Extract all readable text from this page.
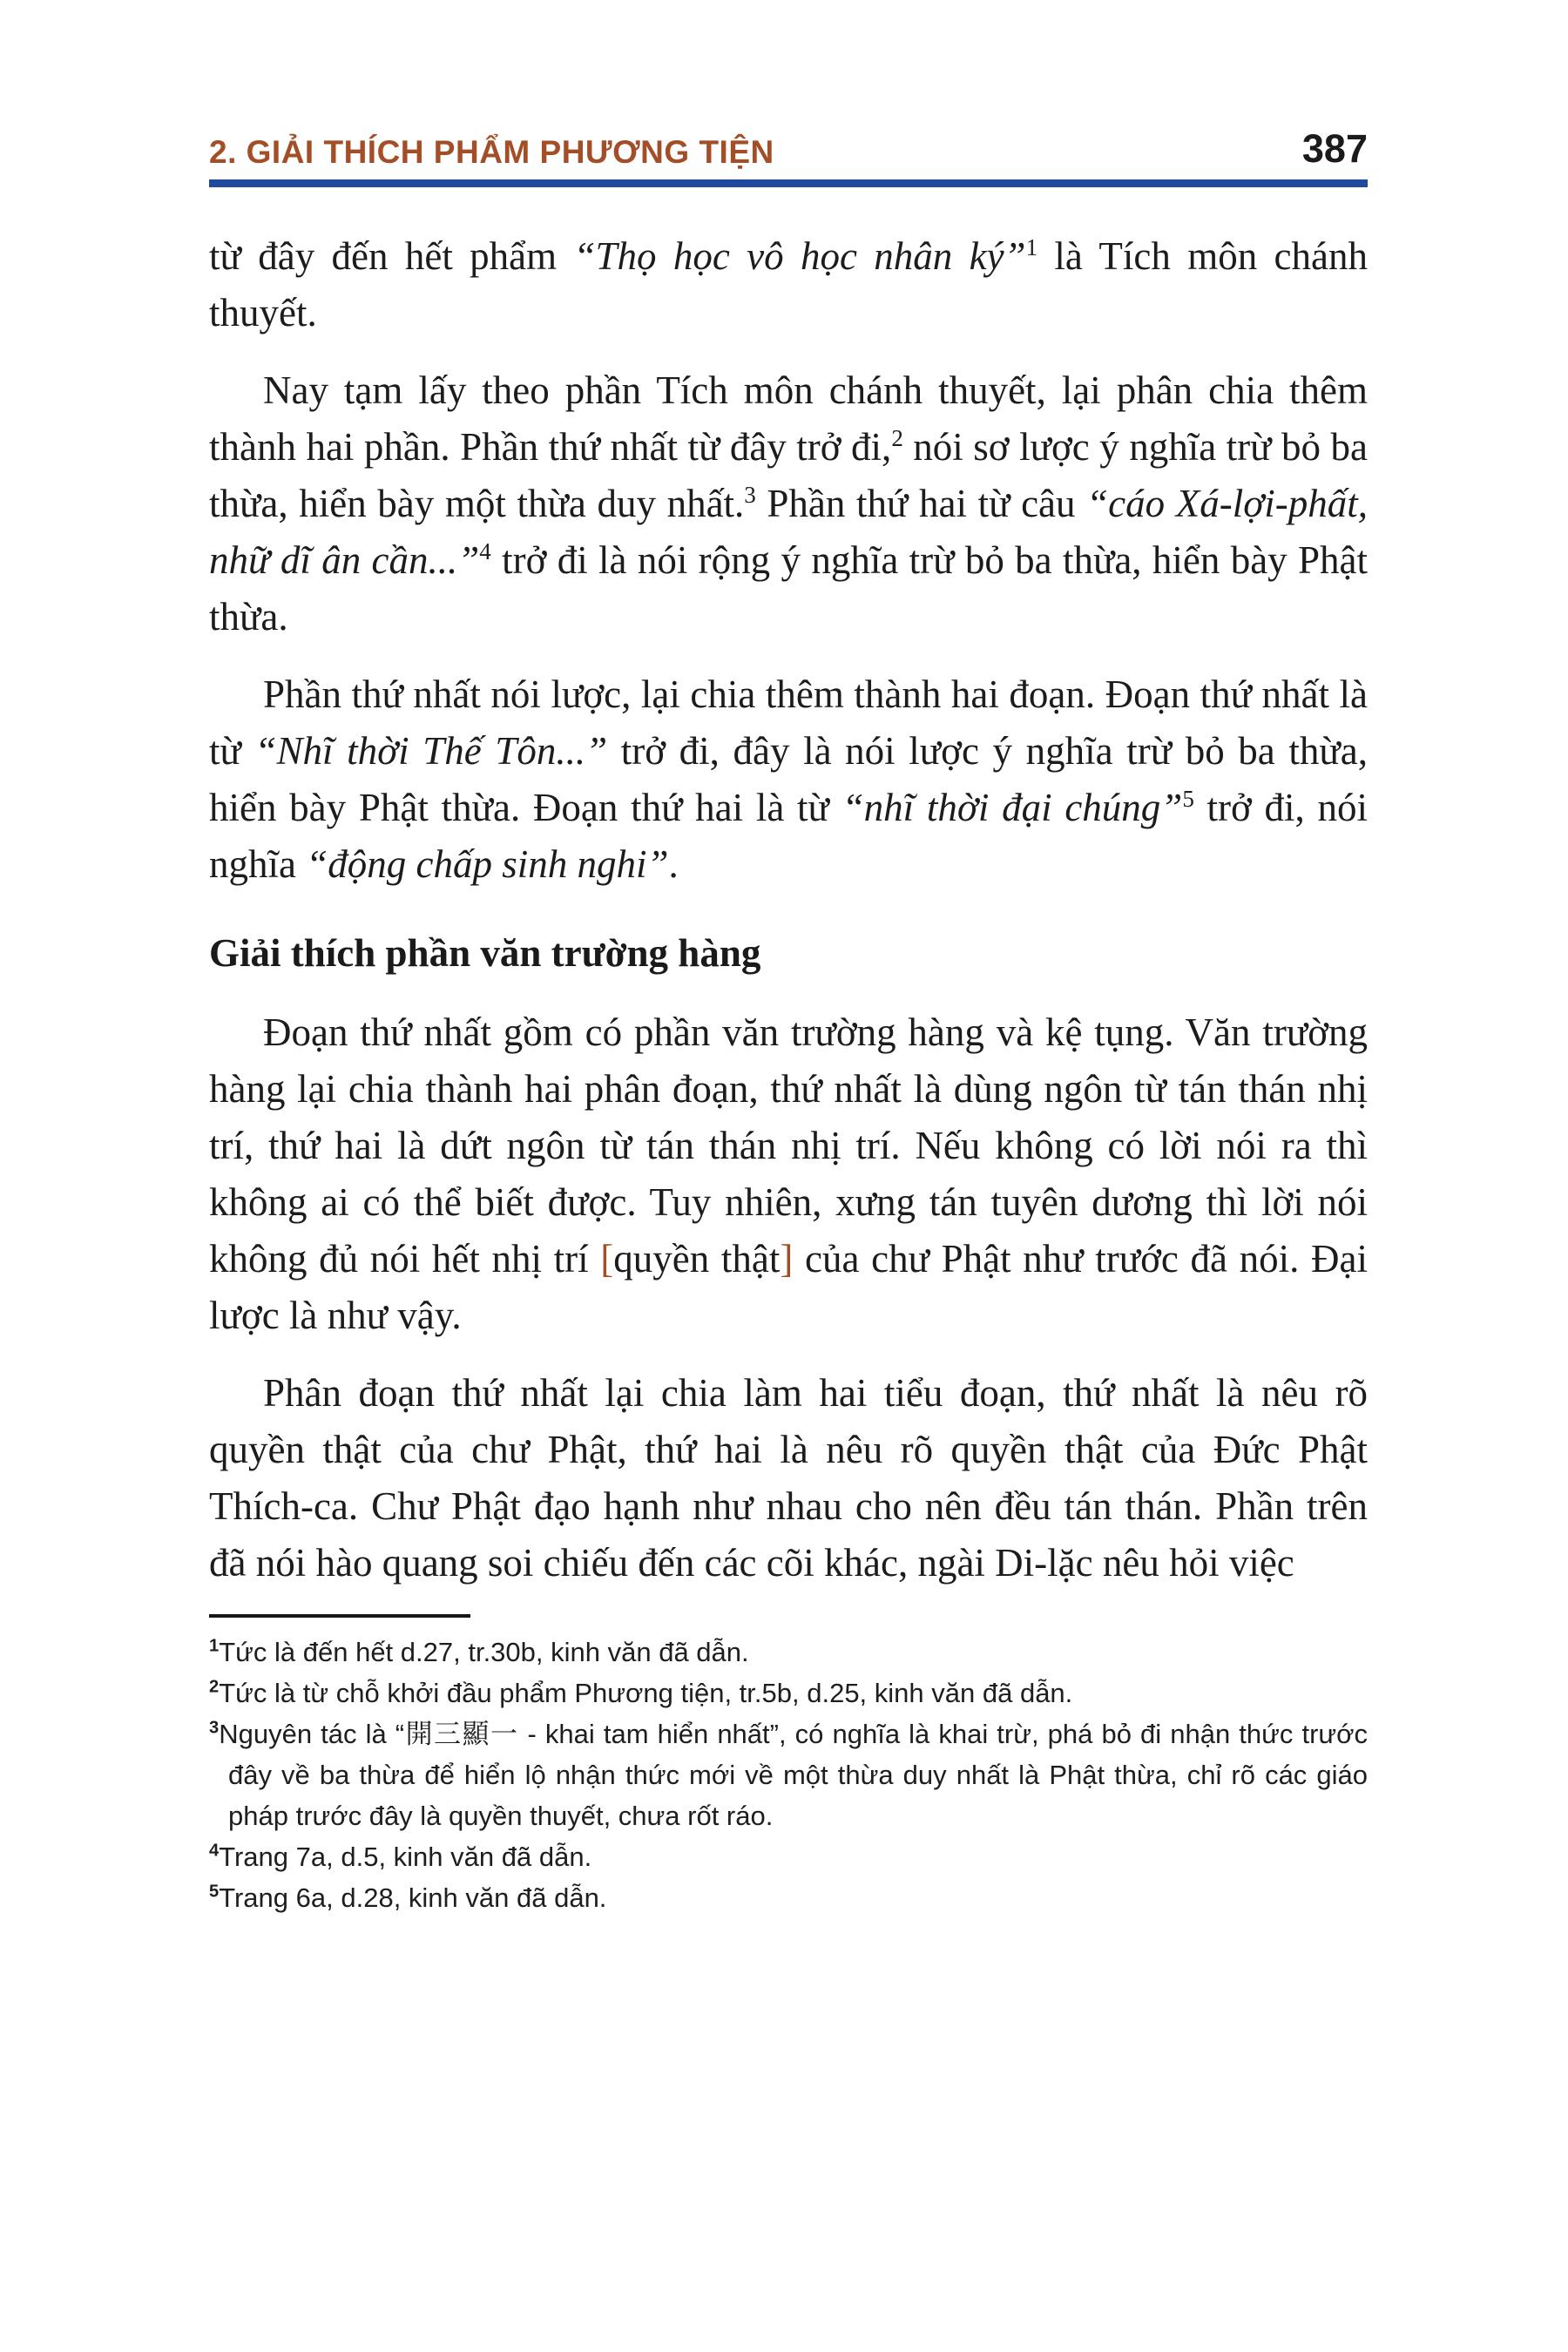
2. GIẢI THÍCH PHẨM PHƯƠNG TIỆN	387

từ đây đến hết phẩm “Thọ học vô học nhân ký”$^1$ là Tích môn chánh thuyết.

Nay tạm lấy theo phần Tích môn chánh thuyết, lại phân chia thêm thành hai phần. Phần thứ nhất từ đây trở đi,$^2$ nói sơ lược ý nghĩa trừ bỏ ba thừa, hiển bày một thừa duy nhất.$^3$ Phần thứ hai từ câu “cáo Xá-lợi-phất, nhữ dĩ ân cần...”$^4$ trở đi là nói rộng ý nghĩa trừ bỏ ba thừa, hiển bày Phật thừa.

Phần thứ nhất nói lược, lại chia thêm thành hai đoạn. Đoạn thứ nhất là từ “Nhĩ thời Thế Tôn...” trở đi, đây là nói lược ý nghĩa trừ bỏ ba thừa, hiển bày Phật thừa. Đoạn thứ hai là từ “nhĩ thời đại chúng”$^5$ trở đi, nói nghĩa “động chấp sinh nghi”.

Giải thích phần văn trường hàng

Đoạn thứ nhất gồm có phần văn trường hàng và kệ tụng. Văn trường hàng lại chia thành hai phân đoạn, thứ nhất là dùng ngôn từ tán thán nhị trí, thứ hai là dứt ngôn từ tán thán nhị trí. Nếu không có lời nói ra thì không ai có thể biết được. Tuy nhiên, xưng tán tuyên dương thì lời nói không đủ nói hết nhị trí [quyền thật] của chư Phật như trước đã nói. Đại lược là như vậy.

Phân đoạn thứ nhất lại chia làm hai tiểu đoạn, thứ nhất là nêu rõ quyền thật của chư Phật, thứ hai là nêu rõ quyền thật của Đức Phật Thích-ca. Chư Phật đạo hạnh như nhau cho nên đều tán thán. Phần trên đã nói hào quang soi chiếu đến các cõi khác, ngài Di-lặc nêu hỏi việc

$^1$Tức là đến hết d.27, tr.30b, kinh văn đã dẫn.

$^2$Tức là từ chỗ khởi đầu phẩm Phương tiện, tr.5b, d.25, kinh văn đã dẫn.

$^3$Nguyên tác là “開三顯一 - khai tam hiển nhất”, có nghĩa là khai trừ, phá bỏ đi nhận thức trước đây về ba thừa để hiển lộ nhận thức mới về một thừa duy nhất là Phật thừa, chỉ rõ các giáo pháp trước đây là quyền thuyết, chưa rốt ráo.

$^4$Trang 7a, d.5, kinh văn đã dẫn.

$^5$Trang 6a, d.28, kinh văn đã dẫn.
